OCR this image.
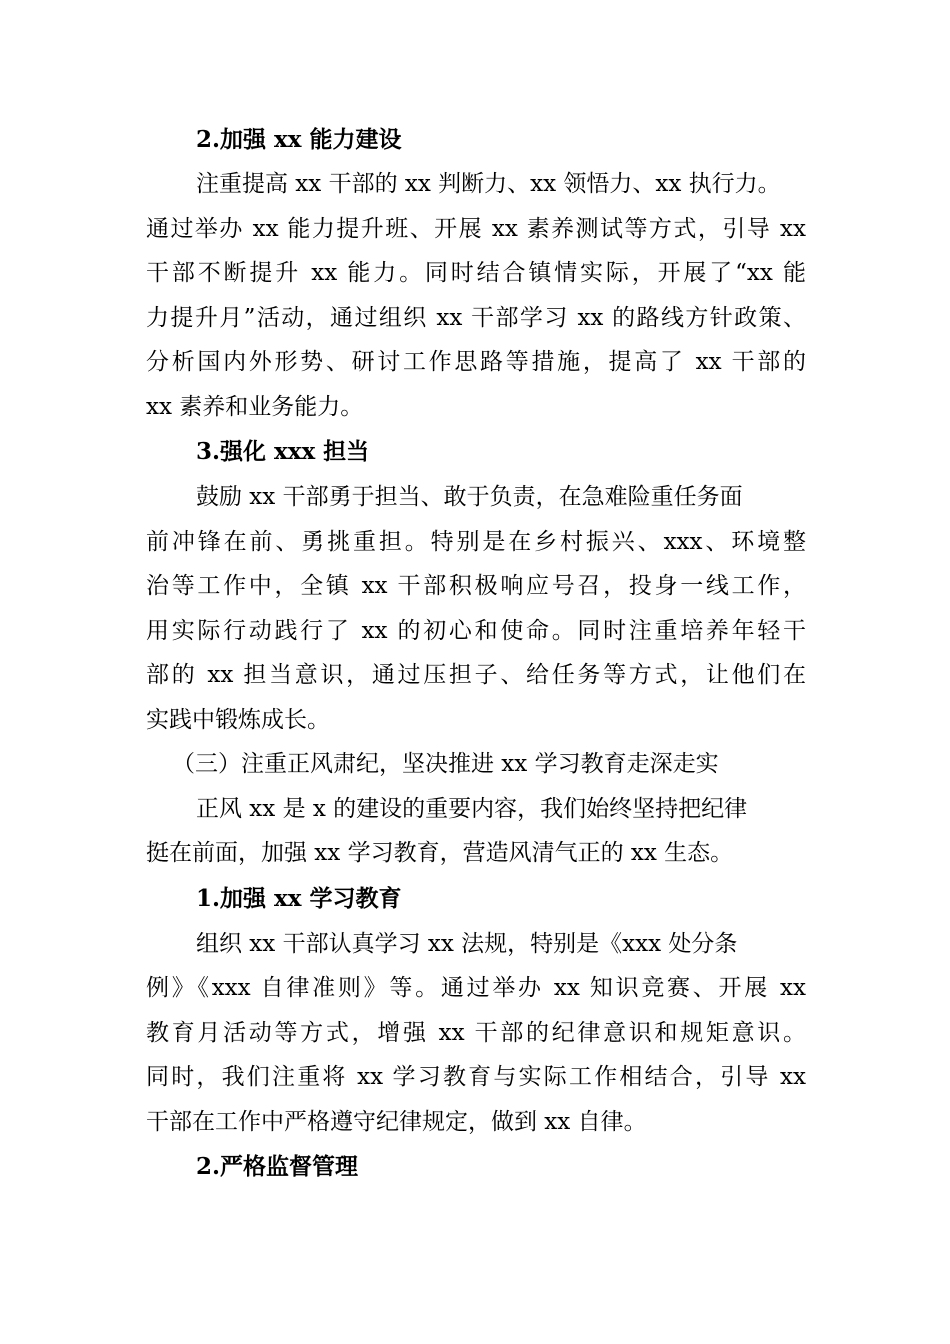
2.加强 xx 能力建设
注重提高 xx 干部的 xx 判断力、xx 领悟力、xx 执行力。
通过举办 xx 能力提升班、开展 xx 素养测试等方式，引导 xx
干部不断提升 xx 能力。同时结合镇情实际，开展了“xx 能
力提升月”活动，通过组织 xx 干部学习 xx 的路线方针政策、
分析国内外形势、研讨工作思路等措施，提高了 xx 干部的
xx 素养和业务能力。
3.强化 xxx 担当
鼓励 xx 干部勇于担当、敢于负责，在急难险重任务面
前冲锋在前、勇挑重担。特别是在乡村振兴、xxx、环境整
治等工作中，全镇 xx 干部积极响应号召，投身一线工作，
用实际行动践行了 xx 的初心和使命。同时注重培养年轻干
部的 xx 担当意识，通过压担子、给任务等方式，让他们在
实践中锻炼成长。
（三）注重正风肃纪，坚决推进 xx 学习教育走深走实
正风 xx 是 x 的建设的重要内容，我们始终坚持把纪律
挺在前面，加强 xx 学习教育，营造风清气正的 xx 生态。
1.加强 xx 学习教育
组织 xx 干部认真学习 xx 法规，特别是《xxx 处分条
例》《xxx 自律准则》等。通过举办 xx 知识竞赛、开展 xx
教育月活动等方式，增强 xx 干部的纪律意识和规矩意识。
同时，我们注重将 xx 学习教育与实际工作相结合，引导 xx
干部在工作中严格遵守纪律规定，做到 xx 自律。
2.严格监督管理
